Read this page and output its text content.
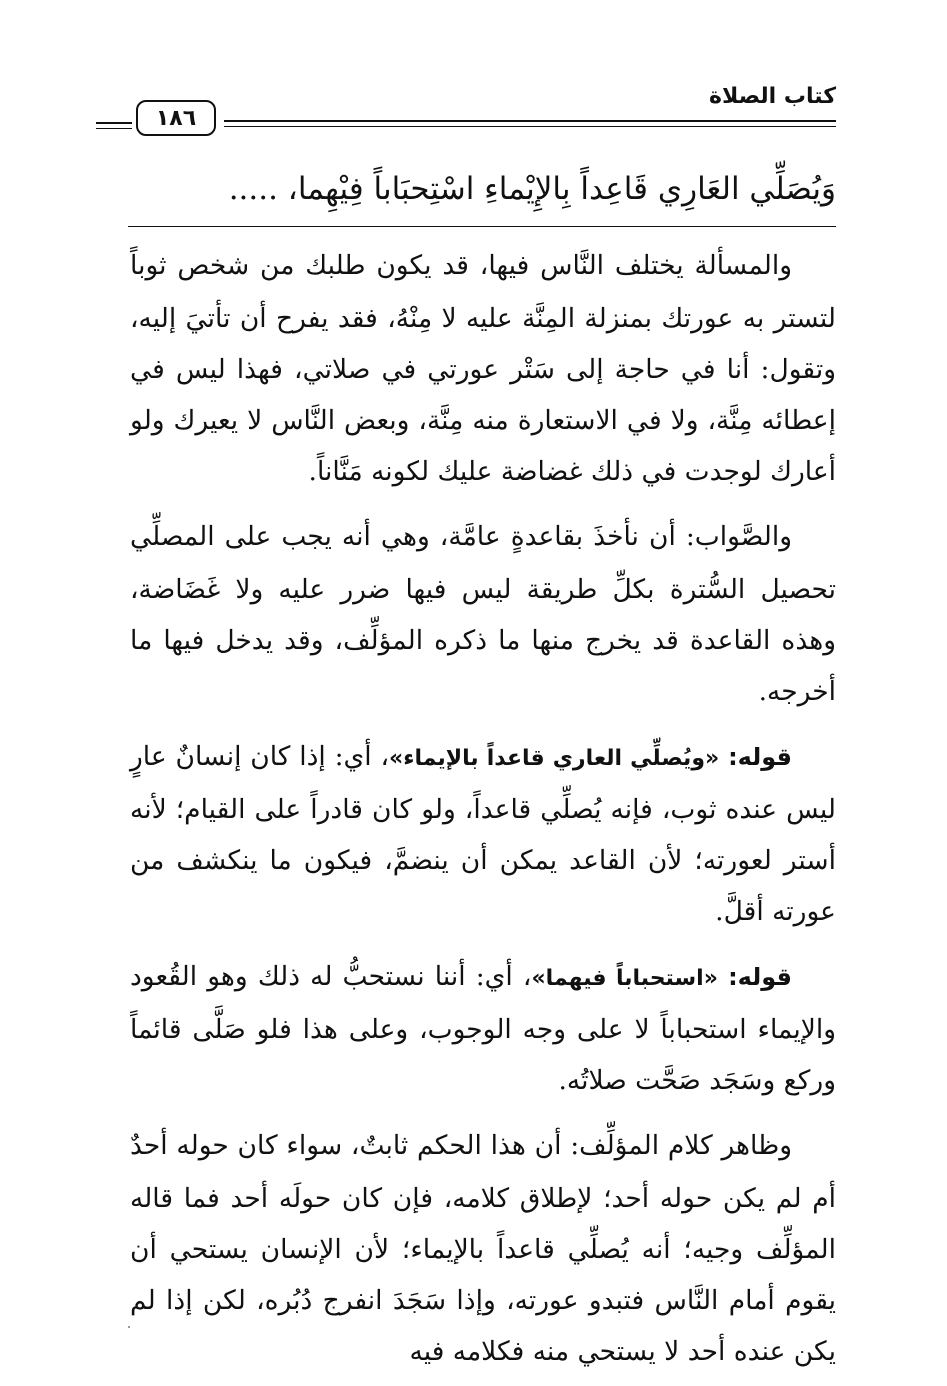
١٨٦
كتاب الصلاة
وَيُصَلِّي العَارِي قَاعِداً بِالإِيْماءِ اسْتِحبَاباً فِيْهِما، .....

والمسألة يختلف النَّاس فيها، قد يكون طلبك من شخص ثوباً لتستر به عورتك بمنزلة المِنَّة عليه لا مِنْهُ، فقد يفرح أن تأتيَ إليه، وتقول: أنا في حاجة إلى سَتْر عورتي في صلاتي، فهذا ليس في إعطائه مِنَّة، ولا في الاستعارة منه مِنَّة، وبعض النَّاس لا يعيرك ولو أعارك لوجدت في ذلك غضاضة عليك لكونه مَنَّاناً.

والصَّواب: أن نأخذَ بقاعدةٍ عامَّة، وهي أنه يجب على المصلِّي تحصيل السُّترة بكلِّ طريقة ليس فيها ضرر عليه ولا غَضَاضة، وهذه القاعدة قد يخرج منها ما ذكره المؤلِّف، وقد يدخل فيها ما أخرجه.

قوله: «ويُصلِّي العاري قاعداً بالإيماء»، أي: إذا كان إنسانٌ عارٍ ليس عنده ثوب، فإنه يُصلِّي قاعداً، ولو كان قادراً على القيام؛ لأنه أستر لعورته؛ لأن القاعد يمكن أن ينضمَّ، فيكون ما ينكشف من عورته أقلَّ.

قوله: «استحباباً فيهما»، أي: أننا نستحبُّ له ذلك وهو القُعود والإيماء استحباباً لا على وجه الوجوب، وعلى هذا فلو صَلَّى قائماً وركع وسَجَد صَحَّت صلاتُه.

وظاهر كلام المؤلِّف: أن هذا الحكم ثابتٌ، سواء كان حوله أحدٌ أم لم يكن حوله أحد؛ لإطلاق كلامه، فإن كان حولَه أحد فما قاله المؤلِّف وجيه؛ أنه يُصلِّي قاعداً بالإيماء؛ لأن الإنسان يستحي أن يقوم أمام النَّاس فتبدو عورته، وإذا سَجَدَ انفرج دُبُره، لكن إذا لم يكن عنده أحد لا يستحي منه فكلامه فيه
